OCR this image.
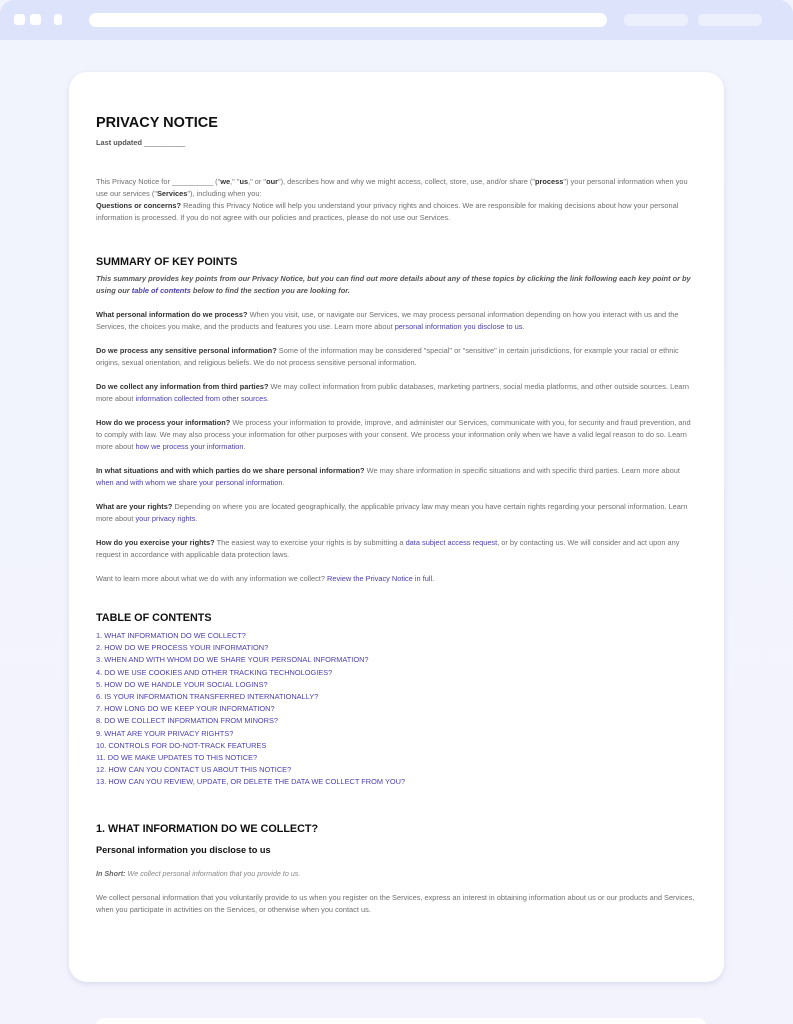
PRIVACY NOTICE
Last updated __________

This Privacy Notice for __________ ("we," "us," or "our"), describes how and why we might access, collect, store, use, and/or share ("process") your personal information when you use our services ("Services"), including when you:

Questions or concerns? Reading this Privacy Notice will help you understand your privacy rights and choices. We are responsible for making decisions about how your personal information is processed. If you do not agree with our policies and practices, please do not use our Services.

SUMMARY OF KEY POINTS

This summary provides key points from our Privacy Notice, but you can find out more details about any of these topics by clicking the link following each key point or by using our table of contents below to find the section you are looking for.

What personal information do we process? When you visit, use, or navigate our Services, we may process personal information depending on how you interact with us and the Services, the choices you make, and the products and features you use. Learn more about personal information you disclose to us.

Do we process any sensitive personal information? Some of the information may be considered "special" or "sensitive" in certain jurisdictions, for example your racial or ethnic origins, sexual orientation, and religious beliefs. We do not process sensitive personal information.

Do we collect any information from third parties? We may collect information from public databases, marketing partners, social media platforms, and other outside sources. Learn more about information collected from other sources.

How do we process your information? We process your information to provide, improve, and administer our Services, communicate with you, for security and fraud prevention, and to comply with law. We may also process your information for other purposes with your consent. We process your information only when we have a valid legal reason to do so. Learn more about how we process your information.

In what situations and with which parties do we share personal information? We may share information in specific situations and with specific third parties. Learn more about when and with whom we share your personal information.

What are your rights? Depending on where you are located geographically, the applicable privacy law may mean you have certain rights regarding your personal information. Learn more about your privacy rights.

How do you exercise your rights? The easiest way to exercise your rights is by submitting a data subject access request, or by contacting us. We will consider and act upon any request in accordance with applicable data protection laws.

Want to learn more about what we do with any information we collect? Review the Privacy Notice in full.

TABLE OF CONTENTS
1. WHAT INFORMATION DO WE COLLECT?
2. HOW DO WE PROCESS YOUR INFORMATION?
3. WHEN AND WITH WHOM DO WE SHARE YOUR PERSONAL INFORMATION?
4. DO WE USE COOKIES AND OTHER TRACKING TECHNOLOGIES?
5. HOW DO WE HANDLE YOUR SOCIAL LOGINS?
6. IS YOUR INFORMATION TRANSFERRED INTERNATIONALLY?
7. HOW LONG DO WE KEEP YOUR INFORMATION?
8. DO WE COLLECT INFORMATION FROM MINORS?
9. WHAT ARE YOUR PRIVACY RIGHTS?
10. CONTROLS FOR DO-NOT-TRACK FEATURES
11. DO WE MAKE UPDATES TO THIS NOTICE?
12. HOW CAN YOU CONTACT US ABOUT THIS NOTICE?
13. HOW CAN YOU REVIEW, UPDATE, OR DELETE THE DATA WE COLLECT FROM YOU?
1. WHAT INFORMATION DO WE COLLECT?
Personal information you disclose to us

In Short: We collect personal information that you provide to us.

We collect personal information that you voluntarily provide to us when you register on the Services, express an interest in obtaining information about us or our products and Services, when you participate in activities on the Services, or otherwise when you contact us.
